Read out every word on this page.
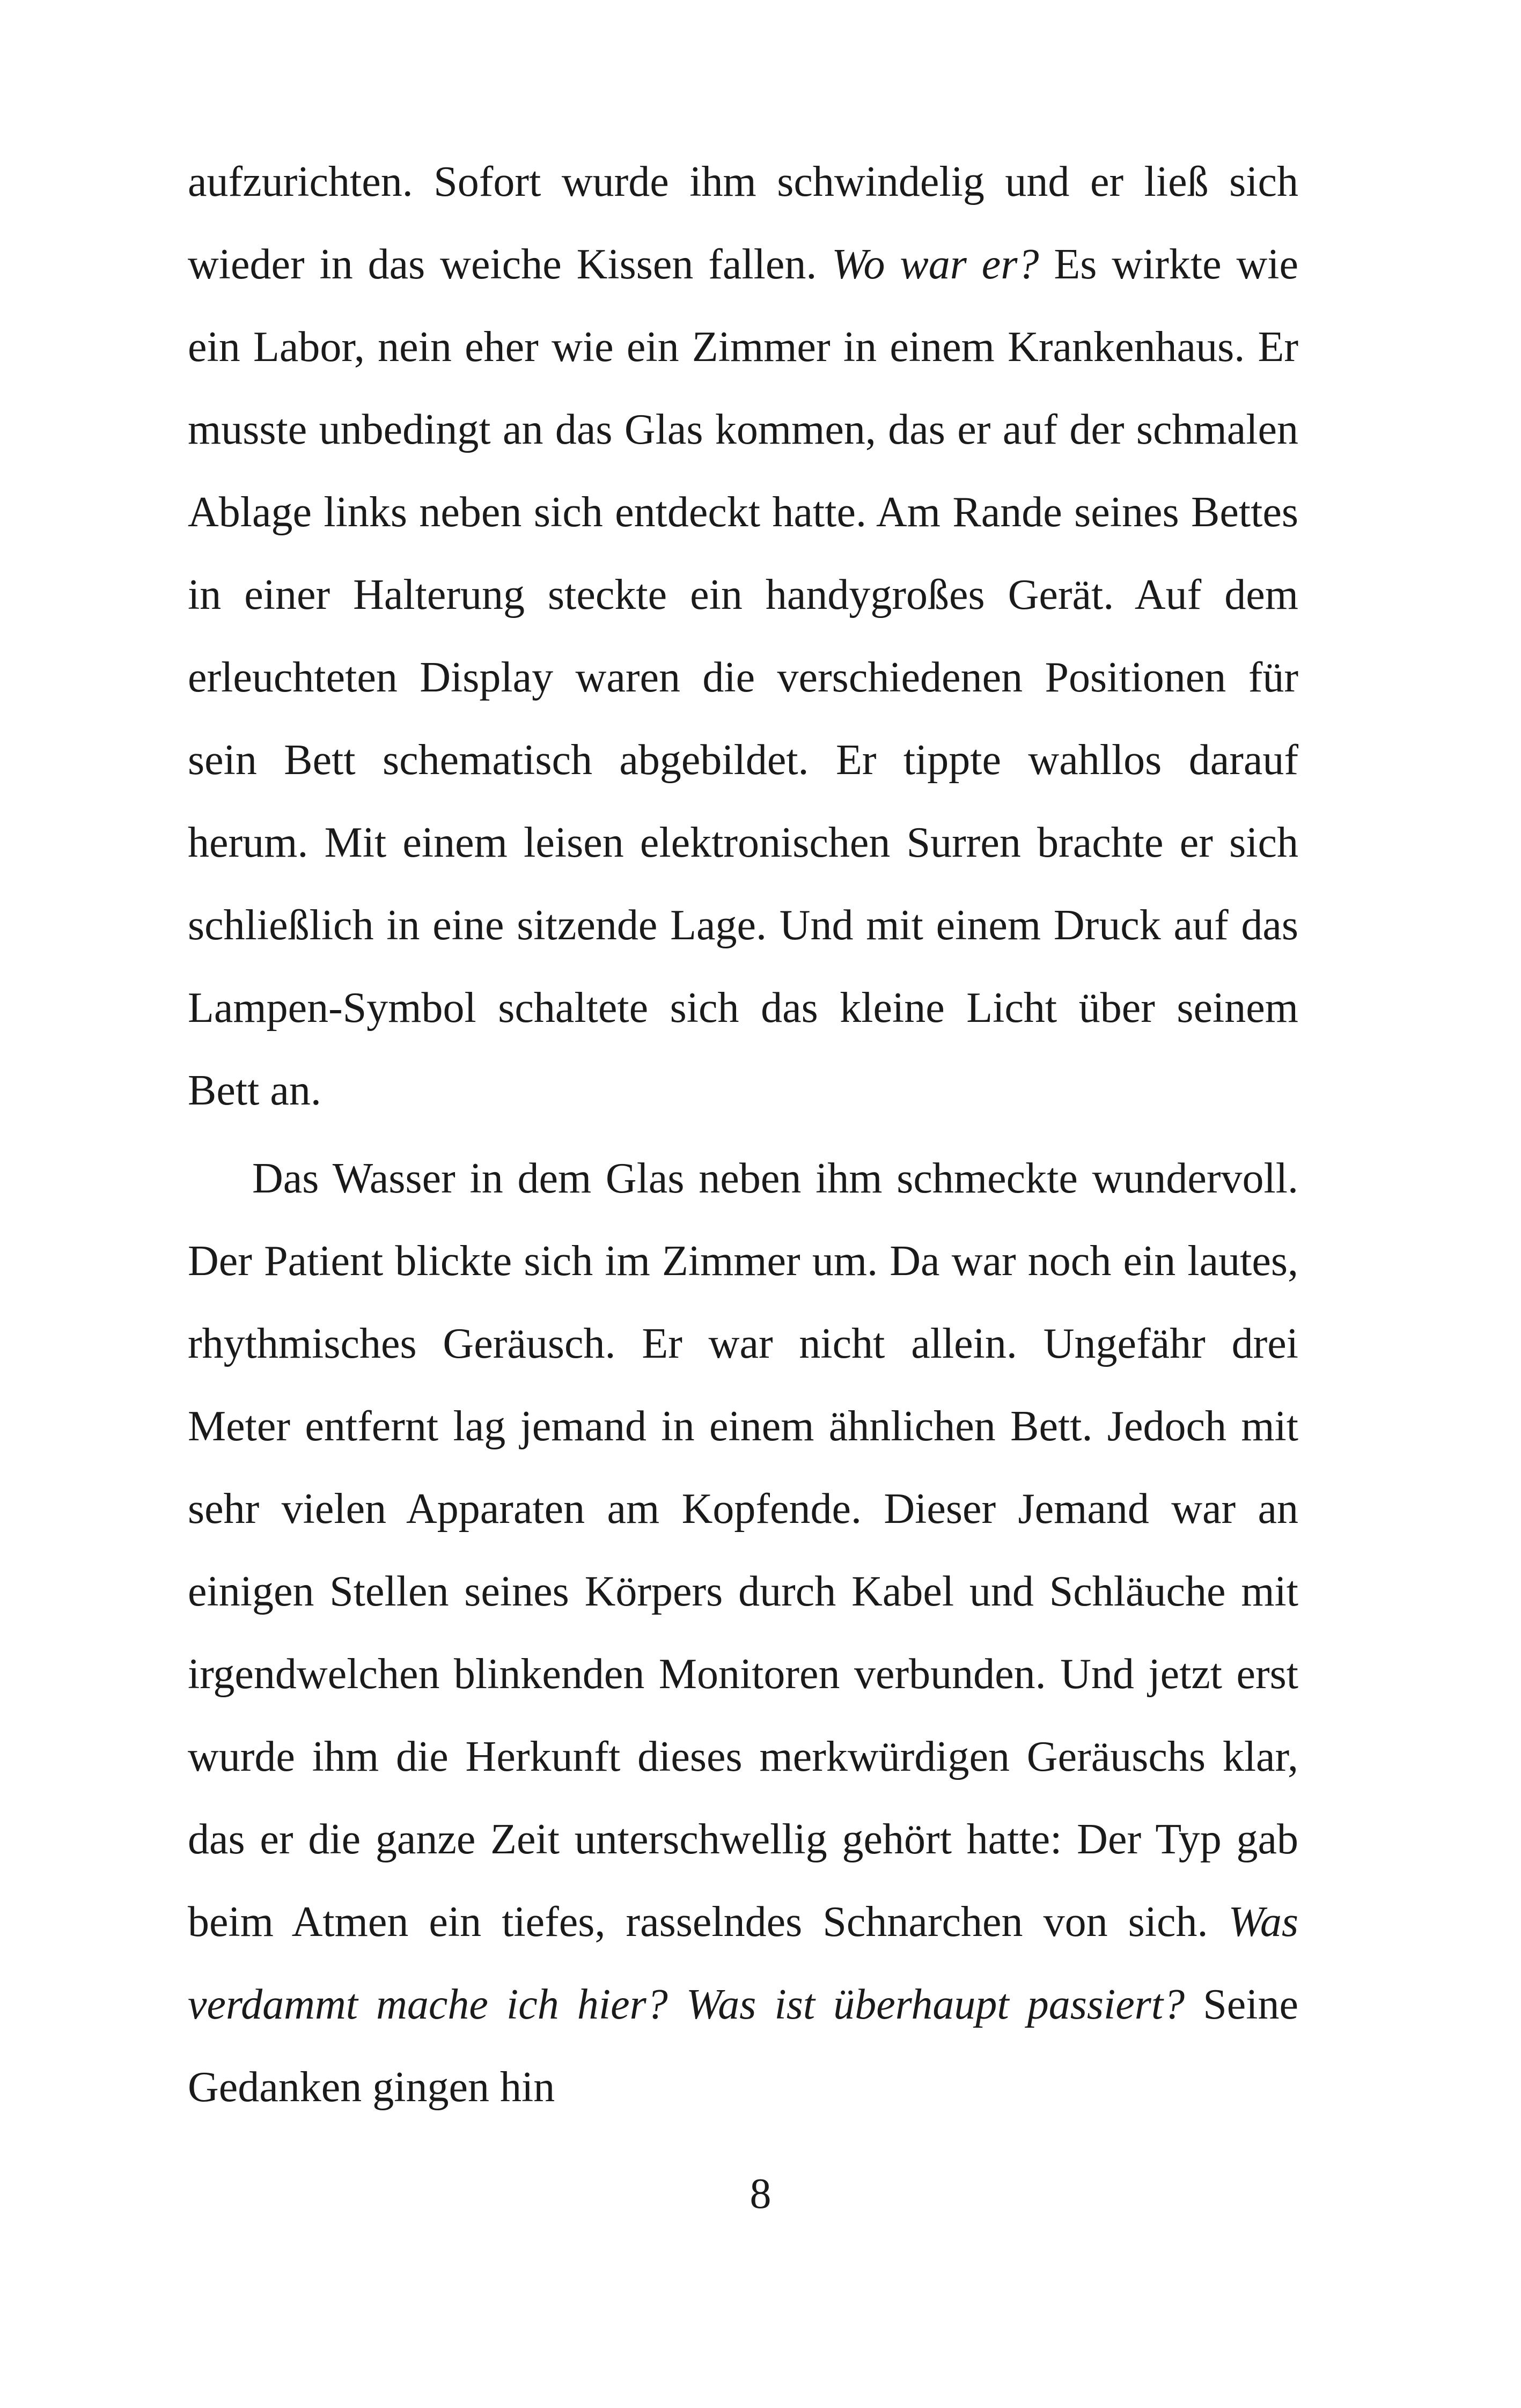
aufzurichten. Sofort wurde ihm schwindelig und er ließ sich wieder in das weiche Kissen fallen. Wo war er? Es wirkte wie ein Labor, nein eher wie ein Zimmer in einem Krankenhaus. Er musste unbedingt an das Glas kommen, das er auf der schmalen Ablage links neben sich entdeckt hatte. Am Rande seines Bettes in einer Halterung steckte ein handygroßes Gerät. Auf dem erleuchteten Display waren die verschiedenen Positionen für sein Bett schematisch abgebildet. Er tippte wahllos darauf herum. Mit einem leisen elektronischen Surren brachte er sich schließlich in eine sitzende Lage. Und mit einem Druck auf das Lampen-Symbol schaltete sich das kleine Licht über seinem Bett an.

Das Wasser in dem Glas neben ihm schmeckte wundervoll. Der Patient blickte sich im Zimmer um. Da war noch ein lautes, rhythmisches Geräusch. Er war nicht allein. Ungefähr drei Meter entfernt lag jemand in einem ähnlichen Bett. Jedoch mit sehr vielen Apparaten am Kopfende. Dieser Jemand war an einigen Stellen seines Körpers durch Kabel und Schläuche mit irgendwelchen blinkenden Monitoren verbunden. Und jetzt erst wurde ihm die Herkunft dieses merkwürdigen Geräuschs klar, das er die ganze Zeit unterschwellig gehört hatte: Der Typ gab beim Atmen ein tiefes, rasselndes Schnarchen von sich. Was verdammt mache ich hier? Was ist überhaupt passiert? Seine Gedanken gingen hin

8
